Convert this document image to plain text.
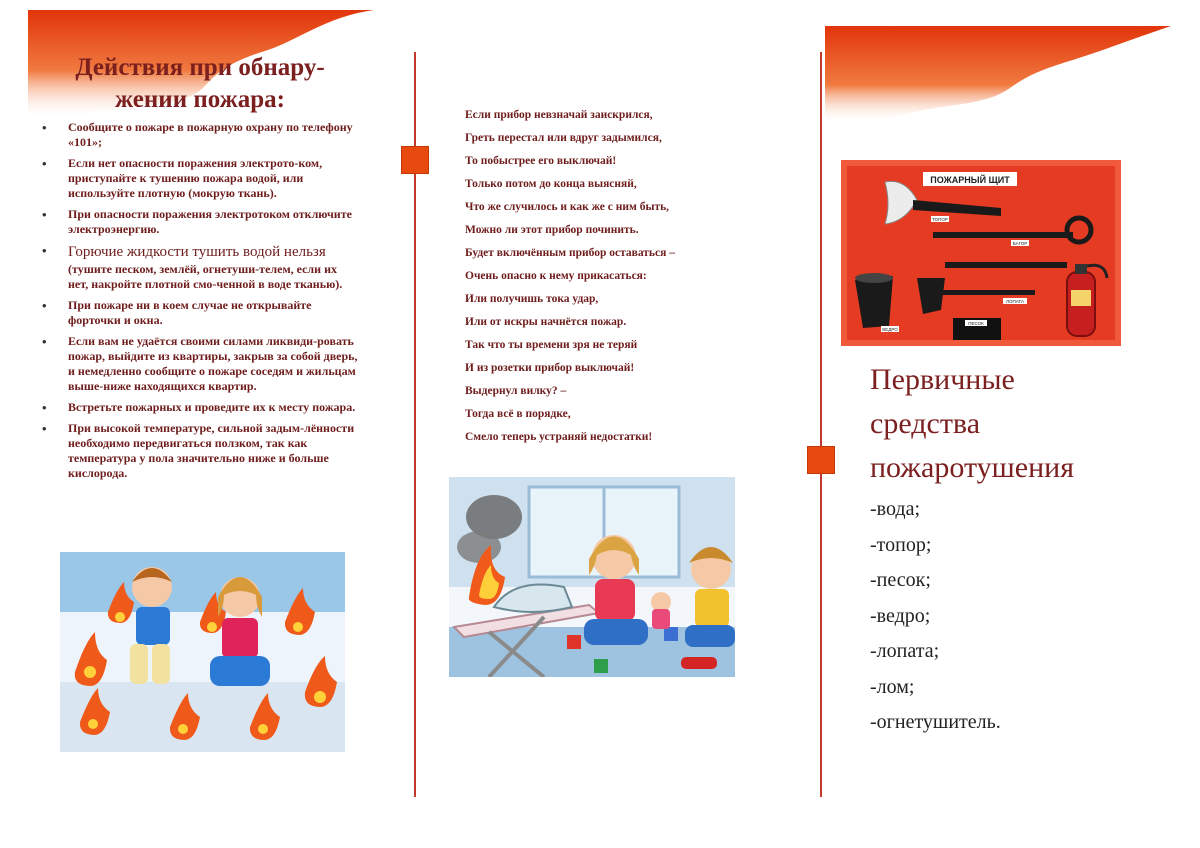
Действия при обнару-жении пожара:
• Сообщите о пожаре в пожарную охрану по телефону «101»;
• Если нет опасности поражения электрото-ком, приступайте к тушению пожара водой, или используйте плотную (мокрую ткань).
• При опасности поражения электротоком отключите электроэнергию.
• Горючие жидкости тушить водой нельзя (тушите песком, землёй, огнетуши-телем, если их нет, накройте плотной смо-ченной в воде тканью).
• При пожаре ни в коем случае не открывайте форточки и окна.
• Если вам не удаётся своими силами ликвиди-ровать пожар, выйдите из квартиры, закрыв за собой дверь, и немедленно сообщите о пожаре соседям и жильцам выше-ниже находящихся квартир.
• Встретьте пожарных и проведите их к месту пожара.
• При высокой температуре, сильной задым-лённости необходимо передвигаться ползком, так как температура у пола значительно ниже и больше кислорода.
Если прибор невзначай заискрился,
Греть перестал или вдруг задымился,
То побыстрее его выключай!
Только потом до конца выясняй,
Что же случилось и как же с ним быть,
Можно ли этот прибор починить.
Будет включённым прибор оставаться –
Очень опасно к нему прикасаться:
Или получишь тока удар,
Или от искры начнётся пожар.
Так что ты времени зря не теряй
И из розетки прибор выключай!
Выдернул вилку? –
Тогда всё в порядке,
Смело теперь устраняй недостатки!
ПОЖАРНЫЙ ЩИТ
ТОПОР
БАГОР
ЛОПАТА
ВЕДРО
ПЕСОК
Первичные
средства
пожаротушения
-вода;
-топор;
-песок;
-ведро;
-лопата;
-лом;
-огнетушитель.
